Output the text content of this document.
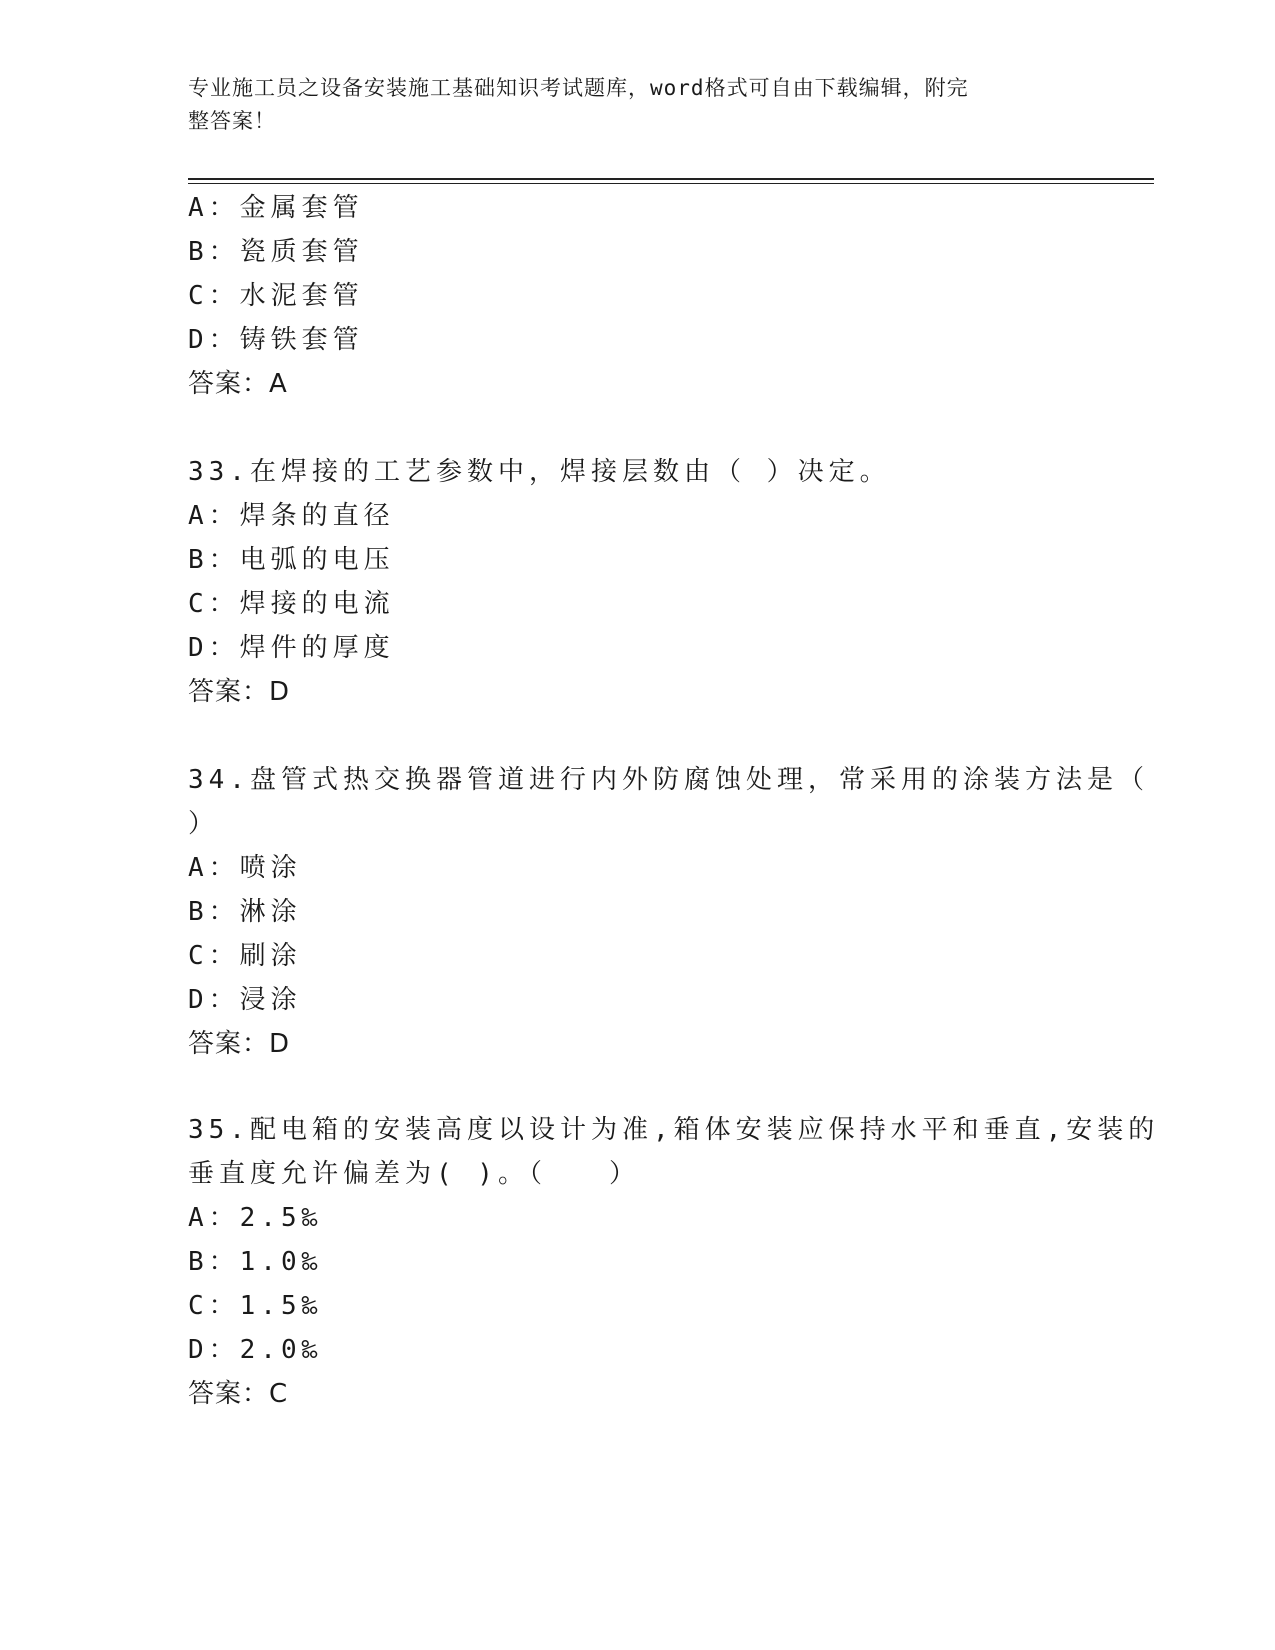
专业施工员之设备安装施工基础知识考试题库，word格式可自由下载编辑，附完
整答案！
A：金属套管
B：瓷质套管
C：水泥套管
D：铸铁套管
答案：A
33.在焊接的工艺参数中，焊接层数由（ ）决定。
A：焊条的直径
B：电弧的电压
C：焊接的电流
D：焊件的厚度
答案：D
34.盘管式热交换器管道进行内外防腐蚀处理，常采用的涂装方法是（
）
A：喷涂
B：淋涂
C：刷涂
D：浸涂
答案：D
35.配电箱的安装高度以设计为准,箱体安装应保持水平和垂直,安装的
垂直度允许偏差为( )。（　　）
A：2.5‰
B：1.0‰
C：1.5‰
D：2.0‰
答案：C
